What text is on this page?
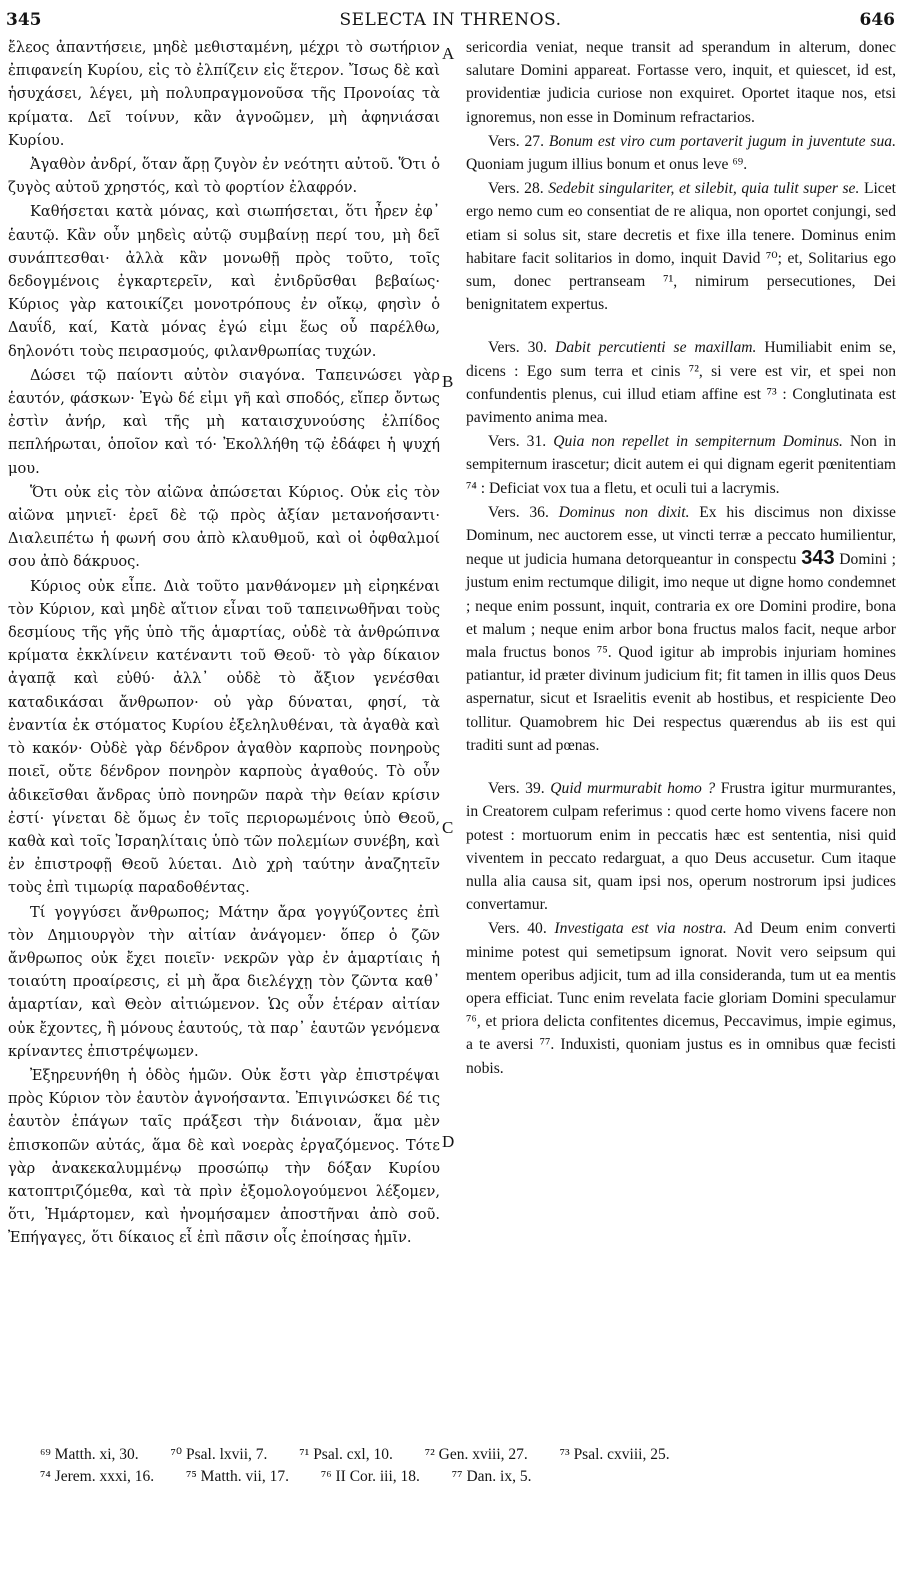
345	SELECTA IN THRENOS.	646
A
B
C
D

ἔλεος ἀπαντήσειε, μηδὲ μεθισταμένη, μέχρι τὸ σωτήριον ἐπιφανείη Κυρίου, εἰς τὸ ἐλπίζειν εἰς ἕτερον. Ἴσως δὲ καὶ ἡσυχάσει, λέγει, μὴ πολυπραγμονοῦσα τῆς Προνοίας τὰ κρίματα. Δεῖ τοίνυν, κἂν ἀγνοῶμεν, μὴ ἀφηνιάσαι Κυρίου.

Ἀγαθὸν ἀνδρί, ὅταν ἄρῃ ζυγὸν ἐν νεότητι αὐτοῦ. Ὅτι ὁ ζυγὸς αὐτοῦ χρηστός, καὶ τὸ φορτίον ἐλαφρόν.

Καθήσεται κατὰ μόνας, καὶ σιωπήσεται, ὅτι ἦρεν ἐφ᾽ ἑαυτῷ. Κἂν οὖν μηδεὶς αὐτῷ συμβαίνῃ περί του, μὴ δεῖ συνάπτεσθαι· ἀλλὰ κἂν μονωθῇ πρὸς τοῦτο, τοῖς δεδογμένοις ἐγκαρτερεῖν, καὶ ἐνιδρῦσθαι βεβαίως· Κύριος γὰρ κατοικίζει μονοτρόπους ἐν οἴκῳ, φησὶν ὁ Δαυΐδ, καί, Κατὰ μόνας ἐγώ εἰμι ἕως οὗ παρέλθω, δηλονότι τοὺς πειρασμούς, φιλανθρωπίας τυχών.

Δώσει τῷ παίοντι αὐτὸν σιαγόνα. Ταπεινώσει γὰρ ἑαυτόν, φάσκων· Ἐγὼ δέ εἰμι γῆ καὶ σποδός, εἴπερ ὄντως ἐστὶν ἀνήρ, καὶ τῆς μὴ καταισχυνούσης ἐλπίδος πεπλήρωται, ὁποῖον καὶ τό· Ἐκολλήθη τῷ ἐδάφει ἡ ψυχή μου.

Ὅτι οὐκ εἰς τὸν αἰῶνα ἀπώσεται Κύριος. Οὐκ εἰς τὸν αἰῶνα μηνιεῖ· ἐρεῖ δὲ τῷ πρὸς ἀξίαν μετανοήσαντι· Διαλειπέτω ἡ φωνή σου ἀπὸ κλαυθμοῦ, καὶ οἱ ὀφθαλμοί σου ἀπὸ δάκρυος.

Κύριος οὐκ εἶπε. Διὰ τοῦτο μανθάνομεν μὴ εἰρηκέναι τὸν Κύριον, καὶ μηδὲ αἴτιον εἶναι τοῦ ταπεινωθῆναι τοὺς δεσμίους τῆς γῆς ὑπὸ τῆς ἁμαρτίας, οὐδὲ τὰ ἀνθρώπινα κρίματα ἐκκλίνειν κατέναντι τοῦ Θεοῦ· τὸ γὰρ δίκαιον ἀγαπᾷ καὶ εὐθύ· ἀλλ᾽ οὐδὲ τὸ ἄξιον γενέσθαι καταδικάσαι ἄνθρωπον· οὐ γὰρ δύναται, φησί, τὰ ἐναντία ἐκ στόματος Κυρίου ἐξεληλυθέναι, τὰ ἀγαθὰ καὶ τὸ κακόν· Οὐδὲ γὰρ δένδρον ἀγαθὸν καρποὺς πονηροὺς ποιεῖ, οὔτε δένδρον πονηρὸν καρποὺς ἀγαθούς. Τὸ οὖν ἀδικεῖσθαι ἄνδρας ὑπὸ πονηρῶν παρὰ τὴν θείαν κρίσιν ἐστί· γίνεται δὲ ὅμως ἐν τοῖς περιορωμένοις ὑπὸ Θεοῦ, καθὰ καὶ τοῖς Ἰσραηλίταις ὑπὸ τῶν πολεμίων συνέβη, καὶ ἐν ἐπιστροφῇ Θεοῦ λύεται. Διὸ χρὴ ταύτην ἀναζητεῖν τοὺς ἐπὶ τιμωρίᾳ παραδοθέντας.

Τί γογγύσει ἄνθρωπος; Μάτην ἄρα γογγύζοντες ἐπὶ τὸν Δημιουργὸν τὴν αἰτίαν ἀνάγομεν· ὅπερ ὁ ζῶν ἄνθρωπος οὐκ ἔχει ποιεῖν· νεκρῶν γὰρ ἐν ἁμαρτίαις ἡ τοιαύτη προαίρεσις, εἰ μὴ ἄρα διελέγχῃ τὸν ζῶντα καθ᾽ ἁμαρτίαν, καὶ Θεὸν αἰτιώμενον. Ὡς οὖν ἑτέραν αἰτίαν οὐκ ἔχοντες, ἢ μόνους ἑαυτούς, τὰ παρ᾽ ἑαυτῶν γενόμενα κρίναντες ἐπιστρέψωμεν.

Ἐξηρευνήθη ἡ ὁδὸς ἡμῶν. Οὐκ ἔστι γὰρ ἐπιστρέψαι πρὸς Κύριον τὸν ἑαυτὸν ἀγνοήσαντα. Ἐπιγινώσκει δέ τις ἑαυτὸν ἐπάγων ταῖς πράξεσι τὴν διάνοιαν, ἅμα μὲν ἐπισκοπῶν αὐτάς, ἅμα δὲ καὶ νοερὰς ἐργαζόμενος. Τότε γὰρ ἀνακεκαλυμμένῳ προσώπῳ τὴν δόξαν Κυρίου κατοπτριζόμεθα, καὶ τὰ πρὶν ἐξομολογούμενοι λέξομεν, ὅτι, Ἡμάρτομεν, καὶ ἠνομήσαμεν ἀποστῆναι ἀπὸ σοῦ. Ἐπήγαγες, ὅτι δίκαιος εἶ ἐπὶ πᾶσιν οἷς ἐποίησας ἡμῖν.

sericordia veniat, neque transit ad sperandum in alterum, donec salutare Domini appareat. Fortasse vero, inquit, et quiescet, id est, providentiæ judicia curiose non exquiret. Oportet itaque nos, etsi ignoremus, non esse in Dominum refractarios.

Vers. 27. Bonum est viro cum portaverit jugum in juventute sua. Quoniam jugum illius bonum et onus leve ⁶⁹.

Vers. 28. Sedebit singulariter, et silebit, quia tulit super se. Licet ergo nemo cum eo consentiat de re aliqua, non oportet conjungi, sed etiam si solus sit, stare decretis et fixe illa tenere. Dominus enim habitare facit solitarios in domo, inquit David ⁷⁰; et, Solitarius ego sum, donec pertranseam ⁷¹, nimirum persecutiones, Dei benignitatem expertus.

Vers. 30. Dabit percutienti se maxillam. Humiliabit enim se, dicens : Ego sum terra et cinis ⁷², si vere est vir, et spei non confundentis plenus, cui illud etiam affine est ⁷³ : Conglutinata est pavimento anima mea.

Vers. 31. Quia non repellet in sempiternum Dominus. Non in sempiternum irascetur; dicit autem ei qui dignam egerit pœnitentiam ⁷⁴ : Deficiat vox tua a fletu, et oculi tui a lacrymis.

Vers. 36. Dominus non dixit. Ex his discimus non dixisse Dominum, nec auctorem esse, ut vincti terræ a peccato humilientur, neque ut judicia humana detorqueantur in conspectu 343 Domini ; justum enim rectumque diligit, imo neque ut digne homo condemnet ; neque enim possunt, inquit, contraria ex ore Domini prodire, bona et malum ; neque enim arbor bona fructus malos facit, neque arbor mala fructus bonos ⁷⁵. Quod igitur ab improbis injuriam homines patiantur, id præter divinum judicium fit; fit tamen in illis quos Deus aspernatur, sicut et Israelitis evenit ab hostibus, et respiciente Deo tollitur. Quamobrem hic Dei respectus quærendus ab iis est qui traditi sunt ad pœnas.

Vers. 39. Quid murmurabit homo ? Frustra igitur murmurantes, in Creatorem culpam referimus : quod certe homo vivens facere non potest : mortuorum enim in peccatis hæc est sententia, nisi quid viventem in peccato redarguat, a quo Deus accusetur. Cum itaque nulla alia causa sit, quam ipsi nos, operum nostrorum ipsi judices convertamur.

Vers. 40. Investigata est via nostra. Ad Deum enim converti minime potest qui semetipsum ignorat. Novit vero seipsum qui mentem operibus adjicit, tum ad illa consideranda, tum ut ea mentis opera efficiat. Tunc enim revelata facie gloriam Domini speculamur ⁷⁶, et priora delicta confitentes dicemus, Peccavimus, impie egimus, a te aversi ⁷⁷. Induxisti, quoniam justus es in omnibus quæ fecisti nobis.

⁶⁹ Matth. xi, 30. ⁷⁰ Psal. lxvii, 7. ⁷¹ Psal. cxl, 10. ⁷² Gen. xviii, 27. ⁷³ Psal. cxviii, 25.
⁷⁴ Jerem. xxxi, 16. ⁷⁵ Matth. vii, 17. ⁷⁶ II Cor. iii, 18. ⁷⁷ Dan. ix, 5.
